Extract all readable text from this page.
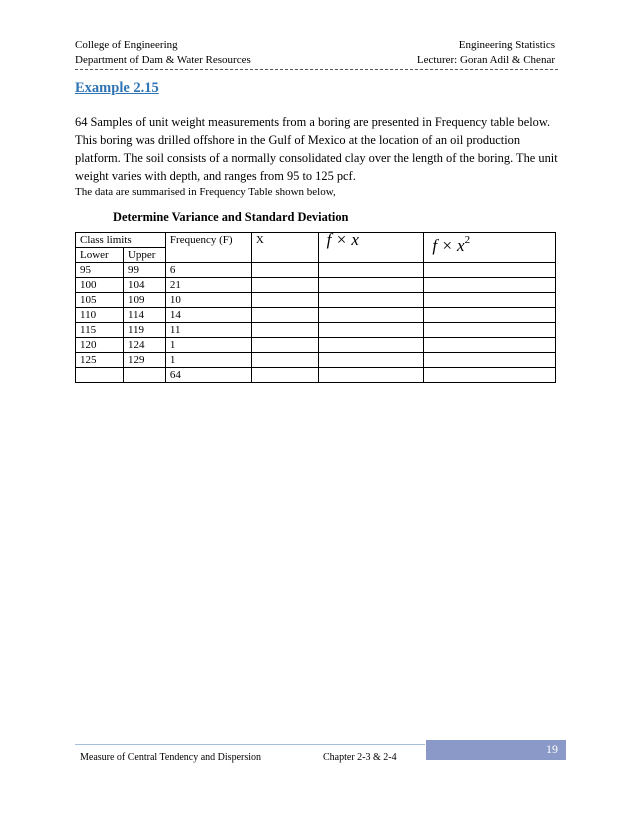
College of Engineering	Engineering Statistics
Department of Dam & Water Resources	Lecturer: Goran Adil & Chenar
Example 2.15
64 Samples of unit weight measurements from a boring are presented in Frequency table below. This boring was drilled offshore in the Gulf of Mexico at the location of an oil production platform. The soil consists of a normally consolidated clay over the length of the boring. The unit weight varies with depth, and ranges from 95 to 125 pcf.
The data are summarised in Frequency Table shown below,
Determine Variance and Standard Deviation
Class limits		Frequency (F)	X	f × x	$f \times x^2$
Lower	Upper				
95	99	6			
100	104	21			
105	109	10			
110	114	14			
115	119	11			
120	124	1			
125	129	1			
		64			
19
Measure of Central Tendency and Dispersion	Chapter 2-3 & 2-4
